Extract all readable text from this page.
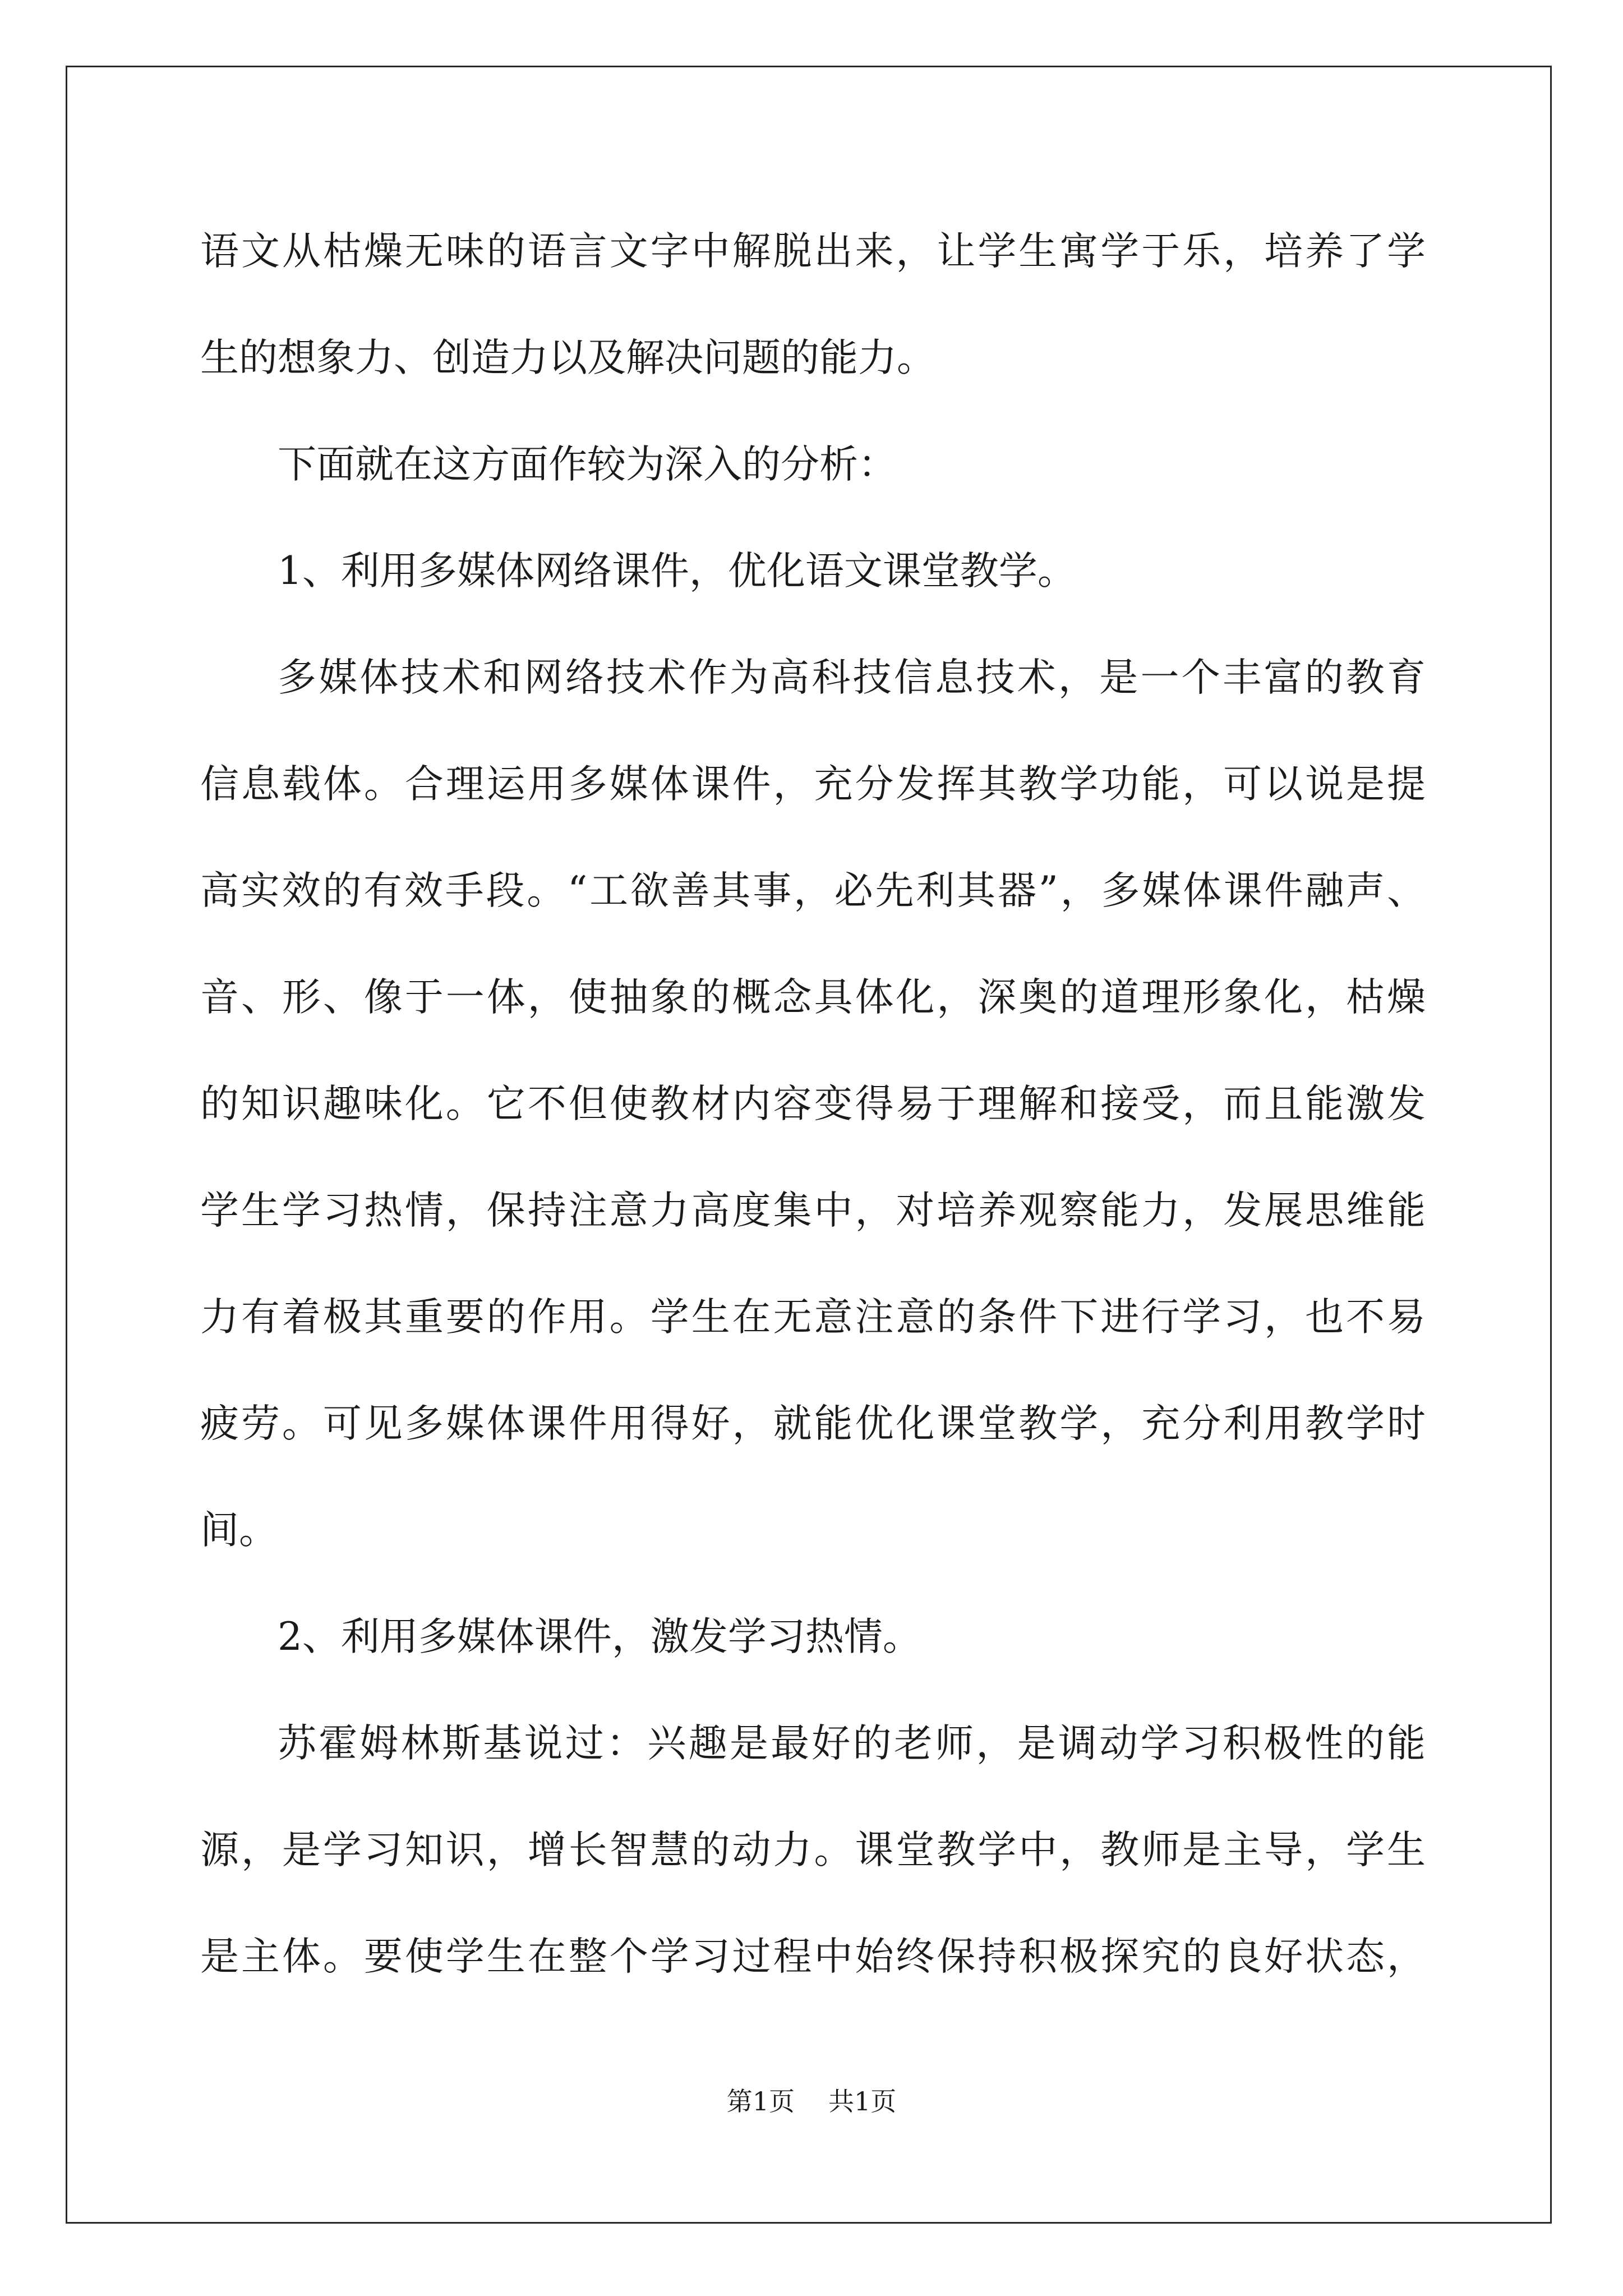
语文从枯燥无味的语言文字中解脱出来，让学生寓学于乐，培养了学
生的想象力、创造力以及解决问题的能力。
下面就在这方面作较为深入的分析：
1、利用多媒体网络课件，优化语文课堂教学。
多媒体技术和网络技术作为高科技信息技术，是一个丰富的教育
信息载体。合理运用多媒体课件，充分发挥其教学功能，可以说是提
高实效的有效手段。“工欲善其事，必先利其器”，多媒体课件融声、
音、形、像于一体，使抽象的概念具体化，深奥的道理形象化，枯燥
的知识趣味化。它不但使教材内容变得易于理解和接受，而且能激发
学生学习热情，保持注意力高度集中，对培养观察能力，发展思维能
力有着极其重要的作用。学生在无意注意的条件下进行学习，也不易
疲劳。可见多媒体课件用得好，就能优化课堂教学，充分利用教学时
间。
2、利用多媒体课件，激发学习热情。
苏霍姆林斯基说过：兴趣是最好的老师，是调动学习积极性的能
源，是学习知识，增长智慧的动力。课堂教学中，教师是主导，学生
是主体。要使学生在整个学习过程中始终保持积极探究的良好状态，
第1页 共1页
